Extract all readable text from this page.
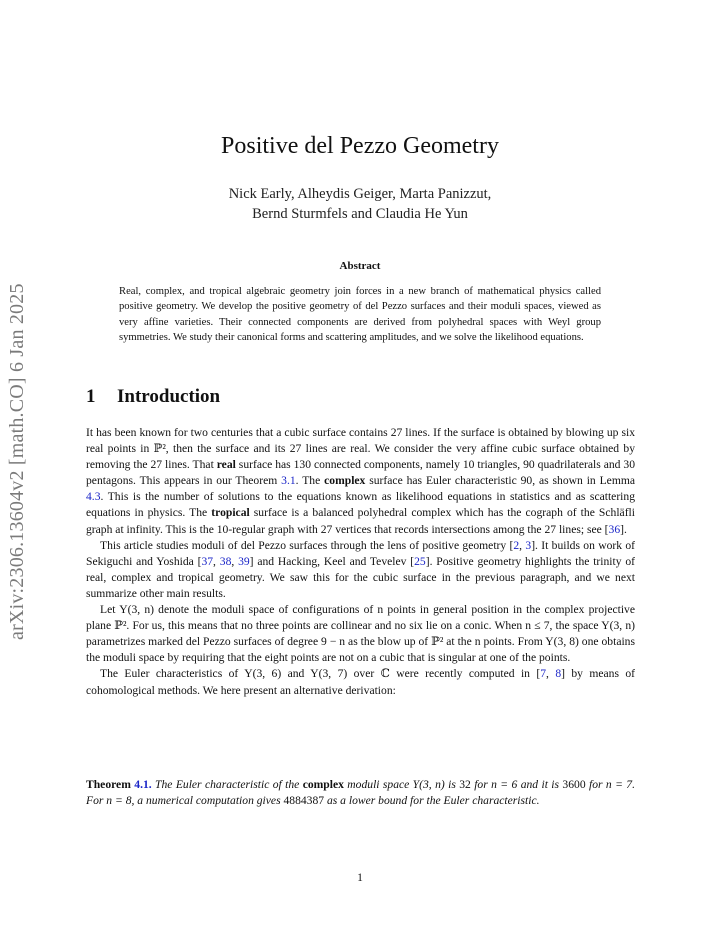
arXiv:2306.13604v2 [math.CO] 6 Jan 2025
Positive del Pezzo Geometry
Nick Early, Alheydis Geiger, Marta Panizzut,
Bernd Sturmfels and Claudia He Yun
Abstract
Real, complex, and tropical algebraic geometry join forces in a new branch of mathematical physics called positive geometry. We develop the positive geometry of del Pezzo surfaces and their moduli spaces, viewed as very affine varieties. Their connected components are derived from polyhedral spaces with Weyl group symmetries. We study their canonical forms and scattering amplitudes, and we solve the likelihood equations.
1 Introduction

It has been known for two centuries that a cubic surface contains 27 lines. If the surface is obtained by blowing up six real points in ℙ², then the surface and its 27 lines are real. We consider the very affine cubic surface obtained by removing the 27 lines. That real surface has 130 connected components, namely 10 triangles, 90 quadrilaterals and 30 pentagons. This appears in our Theorem 3.1. The complex surface has Euler characteristic 90, as shown in Lemma 4.3. This is the number of solutions to the equations known as likelihood equations in statistics and as scattering equations in physics. The tropical surface is a balanced polyhedral complex which has the cograph of the Schläfli graph at infinity. This is the 10-regular graph with 27 vertices that records intersections among the 27 lines; see [36].

This article studies moduli of del Pezzo surfaces through the lens of positive geometry [2, 3]. It builds on work of Sekiguchi and Yoshida [37, 38, 39] and Hacking, Keel and Tevelev [25]. Positive geometry highlights the trinity of real, complex and tropical geometry. We saw this for the cubic surface in the previous paragraph, and we next summarize other main results.

Let Y(3, n) denote the moduli space of configurations of n points in general position in the complex projective plane ℙ². For us, this means that no three points are collinear and no six lie on a conic. When n ≤ 7, the space Y(3, n) parametrizes marked del Pezzo surfaces of degree 9 − n as the blow up of ℙ² at the n points. From Y(3, 8) one obtains the moduli space by requiring that the eight points are not on a cubic that is singular at one of the points.

The Euler characteristics of Y(3, 6) and Y(3, 7) over ℂ were recently computed in [7, 8] by means of cohomological methods. We here present an alternative derivation:

Theorem 4.1. The Euler characteristic of the complex moduli space Y(3, n) is 32 for n = 6 and it is 3600 for n = 7. For n = 8, a numerical computation gives 4884387 as a lower bound for the Euler characteristic.
1
